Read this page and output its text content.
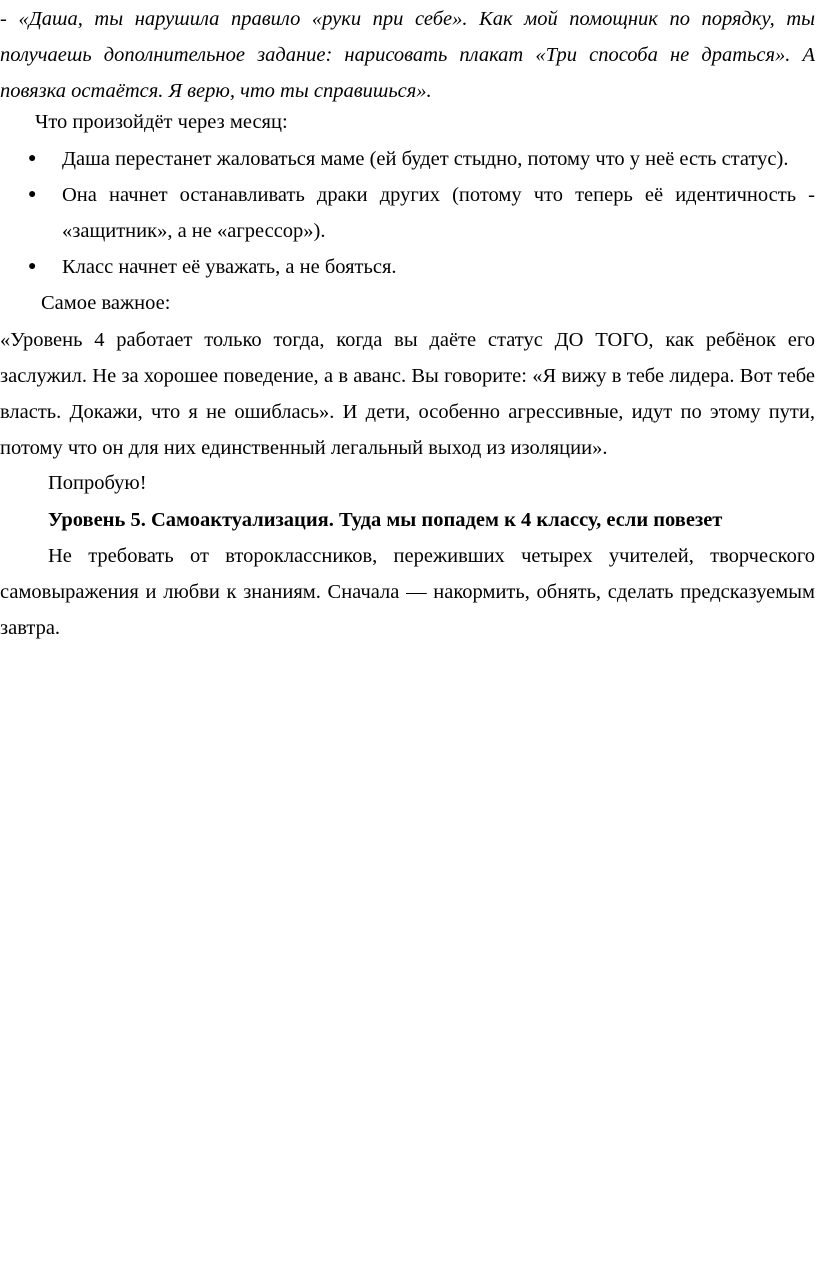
- «Даша, ты нарушила правило «руки при себе». Как мой помощник по порядку, ты получаешь дополнительное задание: нарисовать плакат «Три способа не драться». А повязка остаётся. Я верю, что ты справишься».

Что произойдёт через месяц:

● Даша перестанет жаловаться маме (ей будет стыдно, потому что у неё есть статус).
● Она начнет останавливать драки других (потому что теперь её идентичность - «защитник», а не «агрессор»).
● Класс начнет её уважать, а не бояться.

Самое важное:

«Уровень 4 работает только тогда, когда вы даёте статус ДО ТОГО, как ребёнок его заслужил. Не за хорошее поведение, а в аванс. Вы говорите: «Я вижу в тебе лидера. Вот тебе власть. Докажи, что я не ошиблась». И дети, особенно агрессивные, идут по этому пути, потому что он для них единственный легальный выход из изоляции».

Попробую!

Уровень 5. Самоактуализация. Туда мы попадем к 4 классу, если повезет

Не требовать от второклассников, переживших четырех учителей, творческого самовыражения и любви к знаниям. Сначала — накормить, обнять, сделать предсказуемым завтра.
